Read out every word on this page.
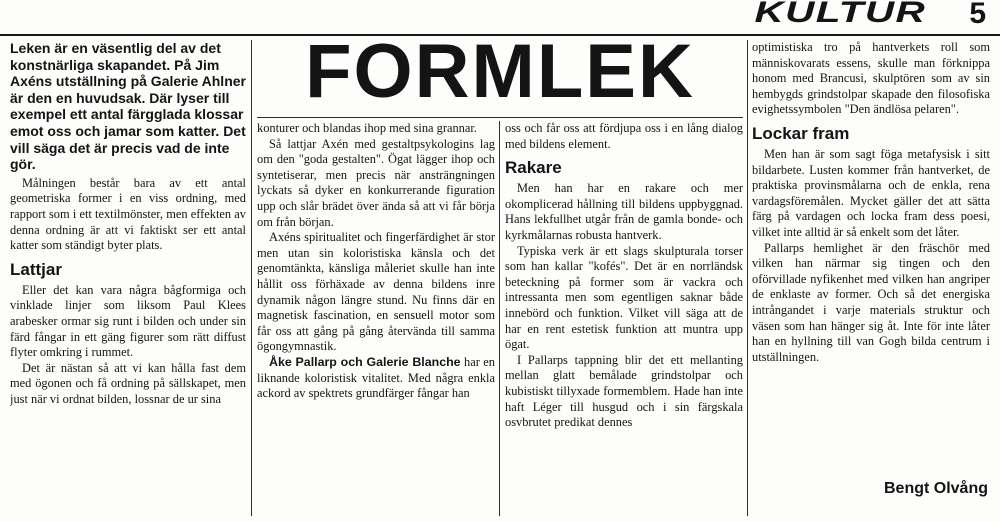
KULTUR 5
FORMLEK

Leken är en väsentlig del av det konstnärliga skapandet. På Jim Axéns utställning på Galerie Ahlner är den en huvudsak. Där lyser till exempel ett antal färgglada klossar emot oss och jamar som katter. Det vill säga det är precis vad de inte gör.

Målningen består bara av ett antal geometriska former i en viss ordning, med rapport som i ett textilmönster, men effekten av denna ordning är att vi faktiskt ser ett antal katter som ständigt byter plats.

Lattjar

Eller det kan vara några bågformiga och vinklade linjer som liksom Paul Klees arabesker ormar sig runt i bilden och under sin färd fångar in ett gäng figurer som rätt diffust flyter omkring i rummet.

Det är nästan så att vi kan hålla fast dem med ögonen och få ordning på sällskapet, men just när vi ordnat bilden, lossnar de ur sina

konturer och blandas ihop med sina grannar.

Så lattjar Axén med gestaltpsykologins lag om den "goda gestalten". Ögat lägger ihop och syntetiserar, men precis när ansträngningen lyckats så dyker en konkurrerande figuration upp och slår brädet över ända så att vi får börja om från början.

Axéns spiritualitet och fingerfärdighet är stor men utan sin koloristiska känsla och det genomtänkta, känsliga måleriet skulle han inte hållit oss förhäxade av denna bildens inre dynamik någon längre stund. Nu finns där en magnetisk fascination, en sensuell motor som får oss att gång på gång återvända till samma ögongymnastik.

Åke Pallarp och Galerie Blanche har en liknande koloristisk vitalitet. Med några enkla ackord av spektrets grundfärger fångar han

oss och får oss att fördjupa oss i en lång dialog med bildens element.

Rakare

Men han har en rakare och mer okomplicerad hållning till bildens uppbyggnad. Hans lekfullhet utgår från de gamla bonde- och kyrkmålarnas robusta hantverk.

Typiska verk är ett slags skulpturala torser som han kallar "kofés". Det är en norrländsk beteckning på former som är vackra och intressanta men som egentligen saknar både innebörd och funktion. Vilket vill säga att de har en rent estetisk funktion att muntra upp ögat.

I Pallarps tappning blir det ett mellanting mellan glatt bemålade grindstolpar och kubistiskt tillyxade formemblem. Hade han inte haft Léger till husgud och i sin färgskala osvbrutet predikat dennes

optimistiska tro på hantverkets roll som människovarats essens, skulle man förknippa honom med Brancusi, skulptören som av sin hembygds grindstolpar skapade den filosofiska evighetssymbolen "Den ändlösa pelaren".

Lockar fram

Men han är som sagt föga metafysisk i sitt bildarbete. Lusten kommer från hantverket, de praktiska provinsmålarna och de enkla, rena vardagsföremålen. Mycket gäller det att sätta färg på vardagen och locka fram dess poesi, vilket inte alltid är så enkelt som det låter.

Pallarps hemlighet är den fräschör med vilken han närmar sig tingen och den oförvillade nyfikenhet med vilken han angriper de enklaste av former. Och så det energiska intrångandet i varje materials struktur och väsen som han hänger sig åt. Inte för inte låter han en hyllning till van Gogh bilda centrum i utställningen.

Bengt Olvång
